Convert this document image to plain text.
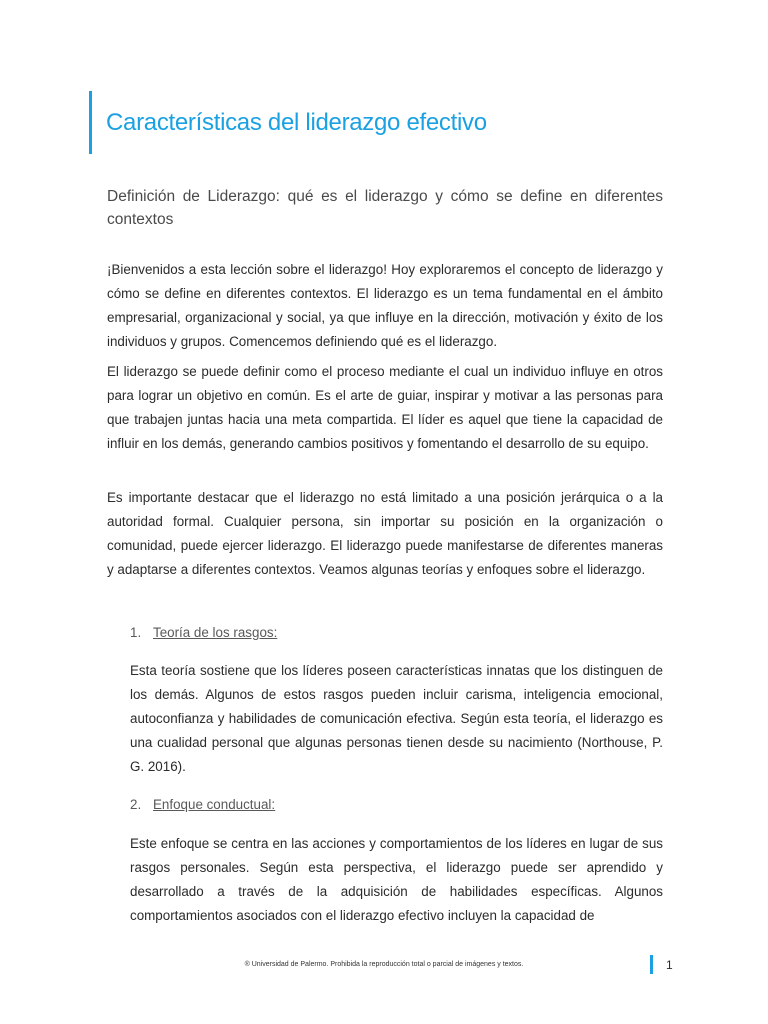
Características del liderazgo efectivo
Definición de Liderazgo: qué es el liderazgo y cómo se define en diferentes contextos
¡Bienvenidos a esta lección sobre el liderazgo! Hoy exploraremos el concepto de liderazgo y cómo se define en diferentes contextos. El liderazgo es un tema fundamental en el ámbito empresarial, organizacional y social, ya que influye en la dirección, motivación y éxito de los individuos y grupos. Comencemos definiendo qué es el liderazgo.
El liderazgo se puede definir como el proceso mediante el cual un individuo influye en otros para lograr un objetivo en común. Es el arte de guiar, inspirar y motivar a las personas para que trabajen juntas hacia una meta compartida. El líder es aquel que tiene la capacidad de influir en los demás, generando cambios positivos y fomentando el desarrollo de su equipo.
Es importante destacar que el liderazgo no está limitado a una posición jerárquica o a la autoridad formal. Cualquier persona, sin importar su posición en la organización o comunidad, puede ejercer liderazgo. El liderazgo puede manifestarse de diferentes maneras y adaptarse a diferentes contextos. Veamos algunas teorías y enfoques sobre el liderazgo.
1. Teoría de los rasgos:
Esta teoría sostiene que los líderes poseen características innatas que los distinguen de los demás. Algunos de estos rasgos pueden incluir carisma, inteligencia emocional, autoconfianza y habilidades de comunicación efectiva. Según esta teoría, el liderazgo es una cualidad personal que algunas personas tienen desde su nacimiento (Northouse, P. G. 2016).
2. Enfoque conductual:
Este enfoque se centra en las acciones y comportamientos de los líderes en lugar de sus rasgos personales. Según esta perspectiva, el liderazgo puede ser aprendido y desarrollado a través de la adquisición de habilidades específicas. Algunos comportamientos asociados con el liderazgo efectivo incluyen la capacidad de
® Universidad de Palermo. Prohibida la reproducción total o parcial de imágenes y textos.	1
